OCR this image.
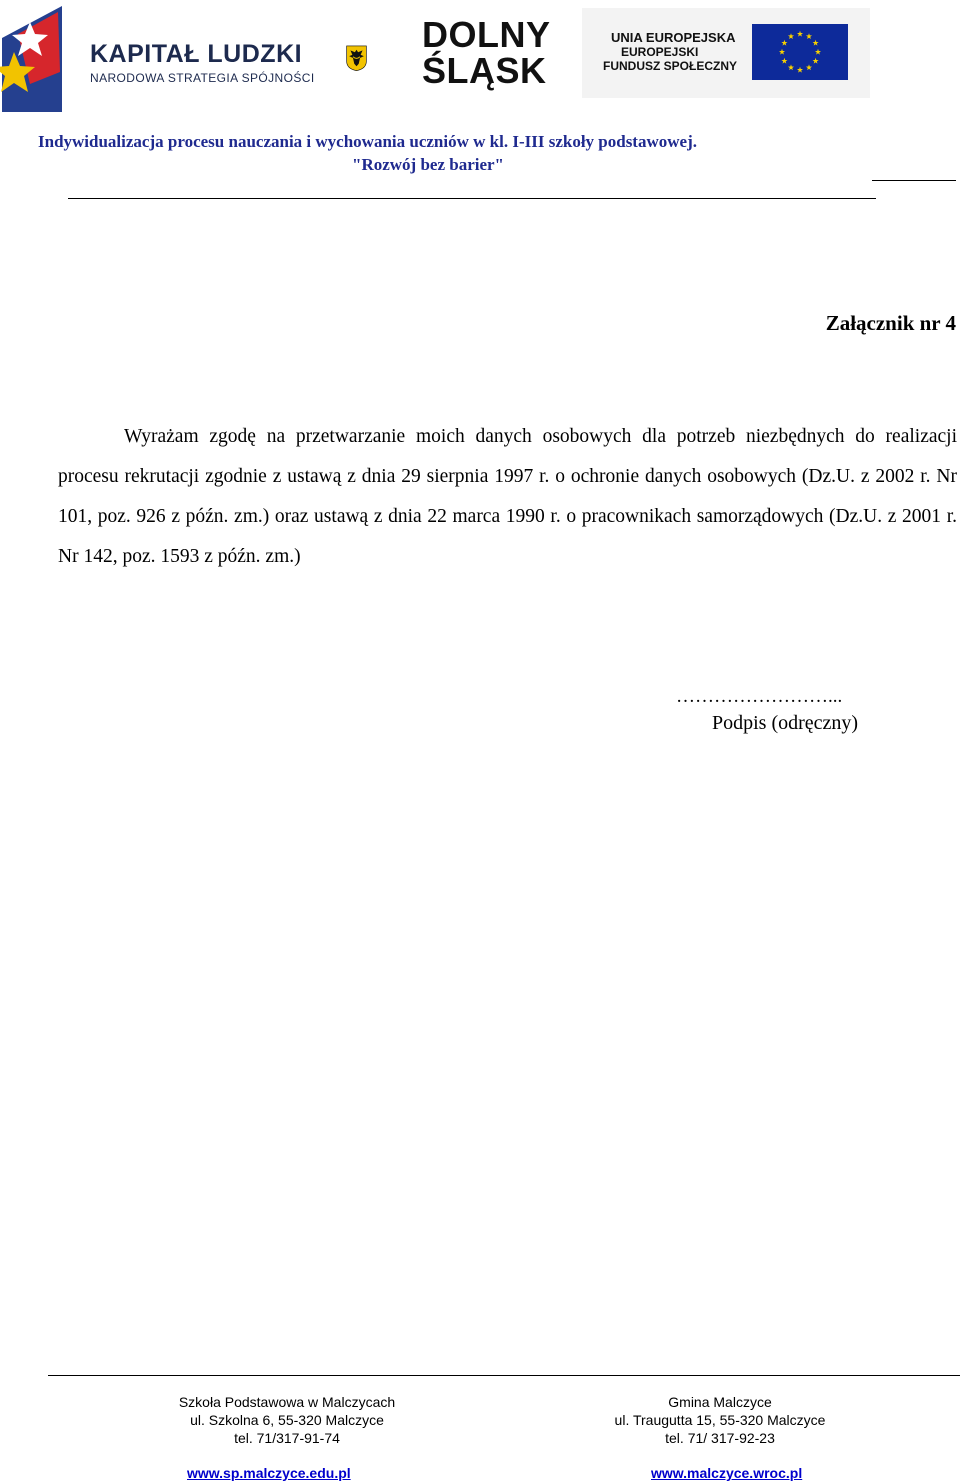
KAPITAŁ LUDZKI
NARODOWA STRATEGIA SPÓJNOŚCI
DOLNY
ŚLĄSK
UNIA EUROPEJSKA
EUROPEJSKI
FUNDUSZ SPOŁECZNY
Indywidualizacja procesu nauczania i wychowania uczniów w kl. I-III szkoły podstawowej.
"Rozwój bez barier"
Załącznik nr 4

Wyrażam zgodę na przetwarzanie moich danych osobowych dla potrzeb niezbędnych do realizacji procesu rekrutacji zgodnie z ustawą z dnia 29 sierpnia 1997 r. o ochronie danych osobowych (Dz.U. z 2002 r. Nr 101, poz. 926 z późn. zm.) oraz ustawą z dnia 22 marca 1990 r. o pracownikach samorządowych (Dz.U. z 2001 r. Nr 142, poz. 1593 z późn. zm.)

……………………...
Podpis (odręczny)
Szkoła Podstawowa w Malczycach
ul. Szkolna 6, 55-320 Malczyce
tel. 71/317-91-74
Gmina Malczyce
ul. Traugutta 15, 55-320 Malczyce
tel. 71/ 317-92-23
www.sp.malczyce.edu.pl	www.malczyce.wroc.pl
